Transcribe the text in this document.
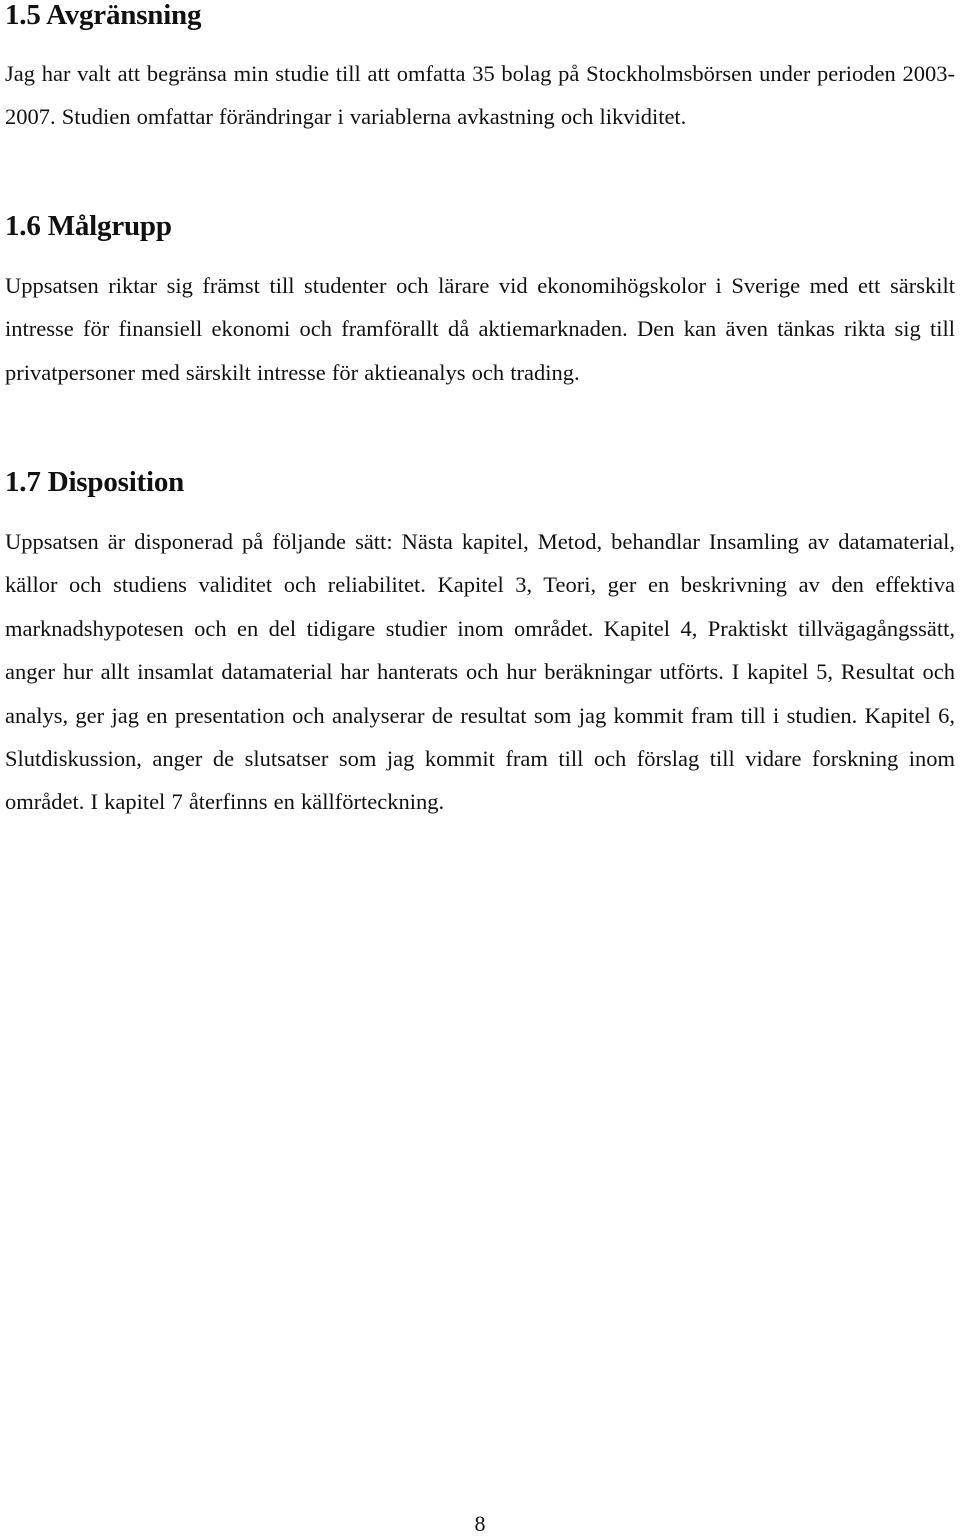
1.5 Avgränsning

Jag har valt att begränsa min studie till att omfatta 35 bolag på Stockholmsbörsen under perioden 2003-2007. Studien omfattar förändringar i variablerna avkastning och likviditet.

1.6 Målgrupp

Uppsatsen riktar sig främst till studenter och lärare vid ekonomihögskolor i Sverige med ett särskilt intresse för finansiell ekonomi och framförallt då aktiemarknaden. Den kan även tänkas rikta sig till privatpersoner med särskilt intresse för aktieanalys och trading.

1.7 Disposition

Uppsatsen är disponerad på följande sätt: Nästa kapitel, Metod, behandlar Insamling av datamaterial, källor och studiens validitet och reliabilitet. Kapitel 3, Teori, ger en beskrivning av den effektiva marknadshypotesen och en del tidigare studier inom området. Kapitel 4, Praktiskt tillvägagångssätt, anger hur allt insamlat datamaterial har hanterats och hur beräkningar utförts. I kapitel 5, Resultat och analys, ger jag en presentation och analyserar de resultat som jag kommit fram till i studien. Kapitel 6, Slutdiskussion, anger de slutsatser som jag kommit fram till och förslag till vidare forskning inom området. I kapitel 7 återfinns en källförteckning.

8
